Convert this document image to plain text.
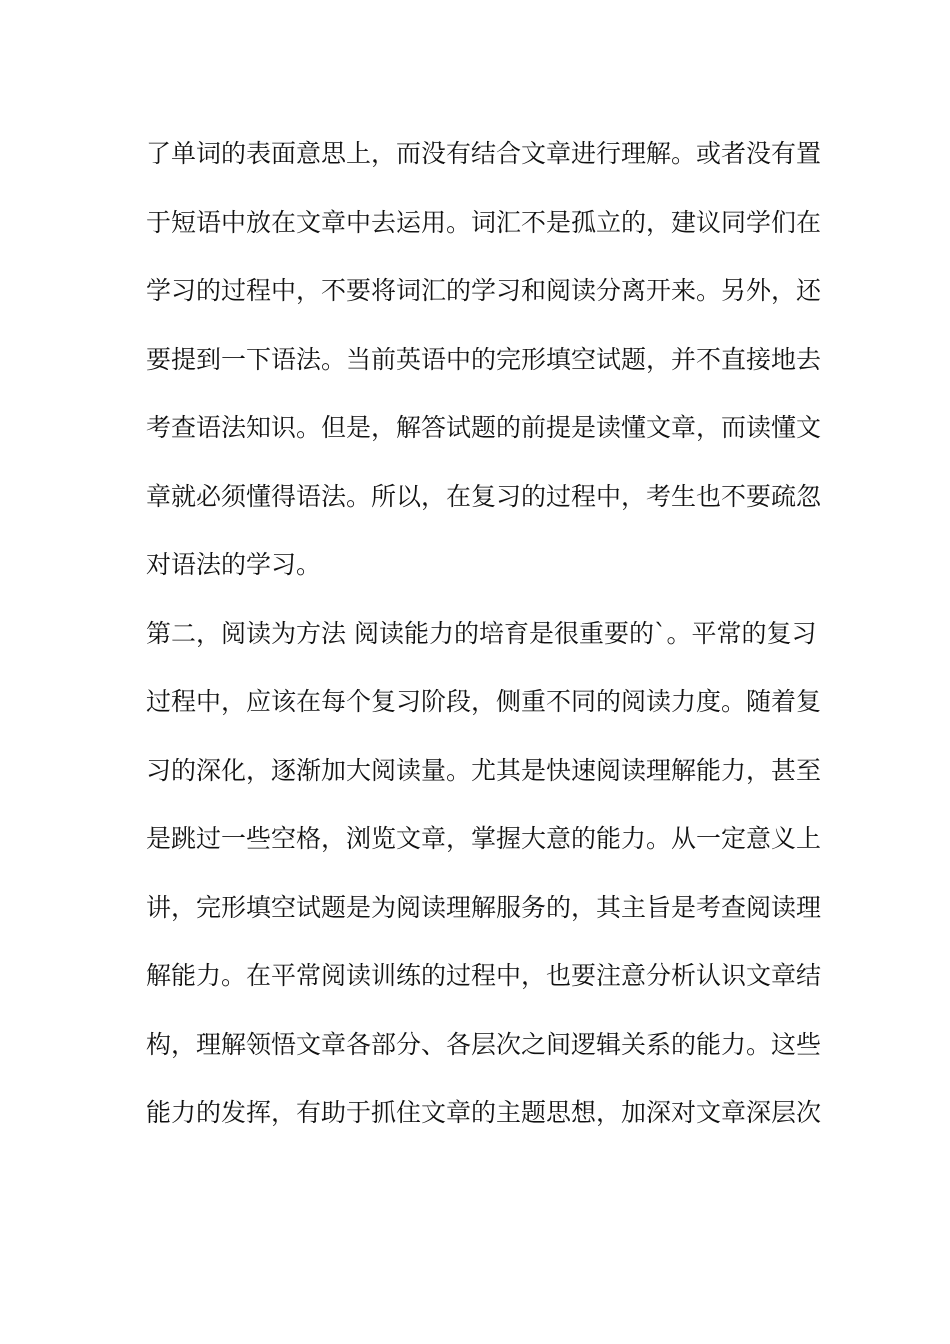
了单词的表面意思上，而没有结合文章进行理解。或者没有置
于短语中放在文章中去运用。词汇不是孤立的，建议同学们在
学习的过程中，不要将词汇的学习和阅读分离开来。另外，还
要提到一下语法。当前英语中的完形填空试题，并不直接地去
考查语法知识。但是，解答试题的前提是读懂文章，而读懂文
章就必须懂得语法。所以，在复习的过程中，考生也不要疏忽
对语法的学习。
第二，阅读为方法 阅读能力的培育是很重要的`。平常的复习
过程中，应该在每个复习阶段，侧重不同的阅读力度。随着复
习的深化，逐渐加大阅读量。尤其是快速阅读理解能力，甚至
是跳过一些空格，浏览文章，掌握大意的能力。从一定意义上
讲，完形填空试题是为阅读理解服务的，其主旨是考查阅读理
解能力。在平常阅读训练的过程中，也要注意分析认识文章结
构，理解领悟文章各部分、各层次之间逻辑关系的能力。这些
能力的发挥，有助于抓住文章的主题思想，加深对文章深层次
